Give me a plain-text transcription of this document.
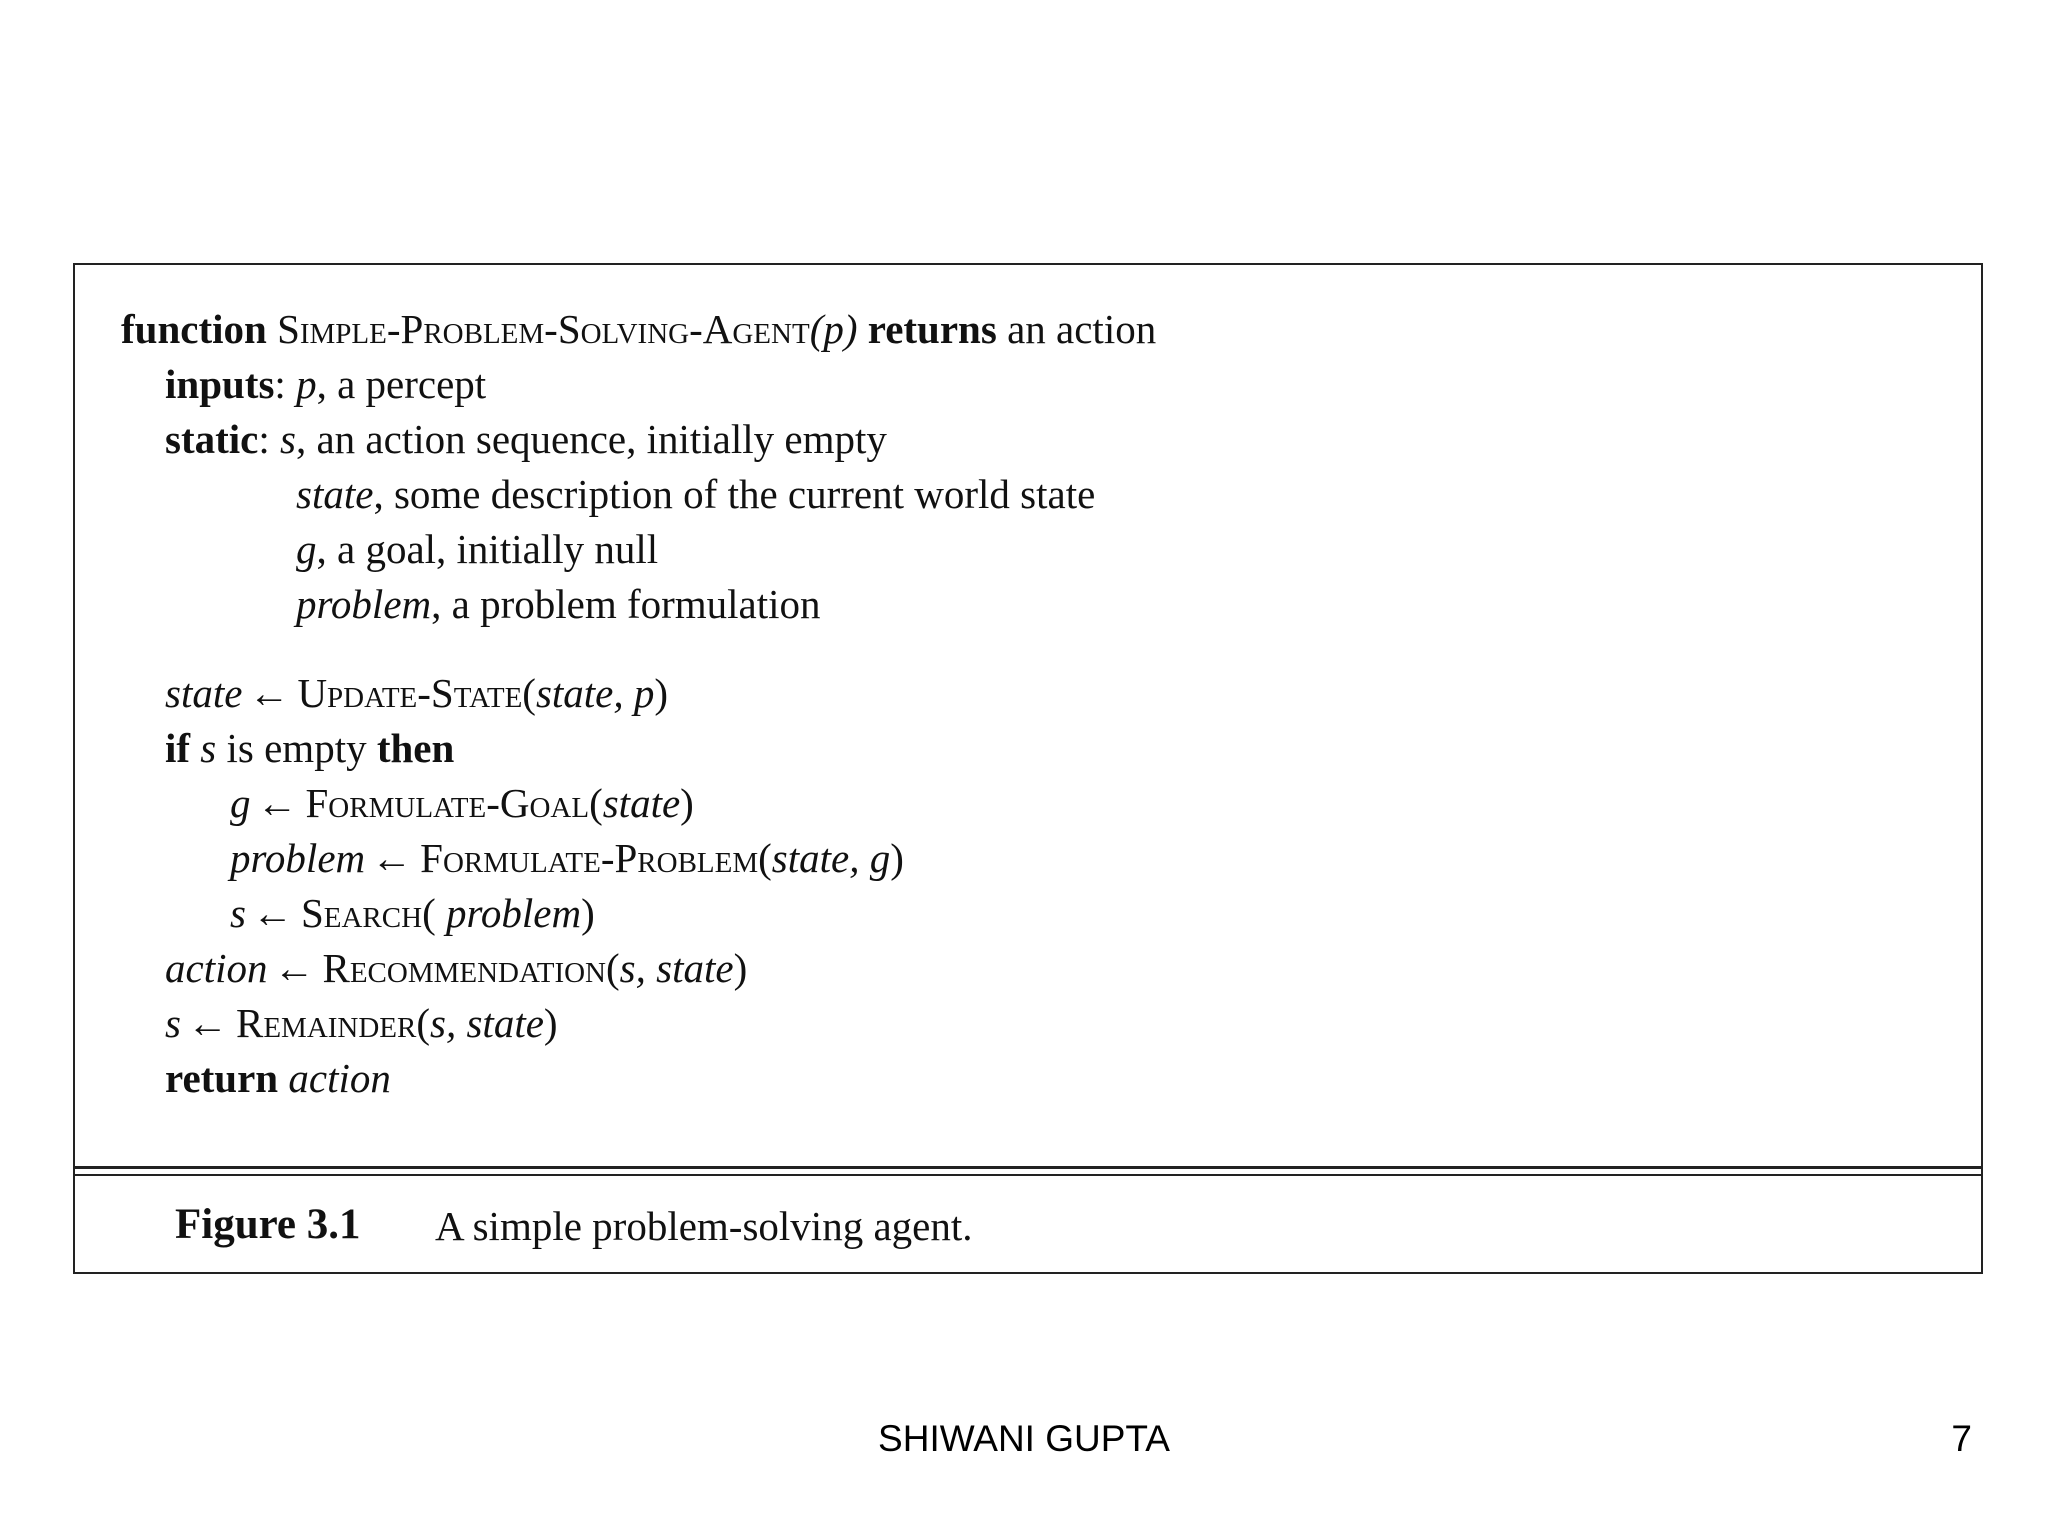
function Simple-Problem-Solving-Agent(p) returns an action
inputs: p, a percept
static: s, an action sequence, initially empty
state, some description of the current world state
g, a goal, initially null
problem, a problem formulation
state ← Update-State(state, p)
if s is empty then
g ← Formulate-Goal(state)
problem ← Formulate-Problem(state, g)
s ← Search( problem)
action ← Recommendation(s, state)
s ← Remainder(s, state)
return action
Figure 3.1 A simple problem-solving agent.
SHIWANI GUPTA	7
